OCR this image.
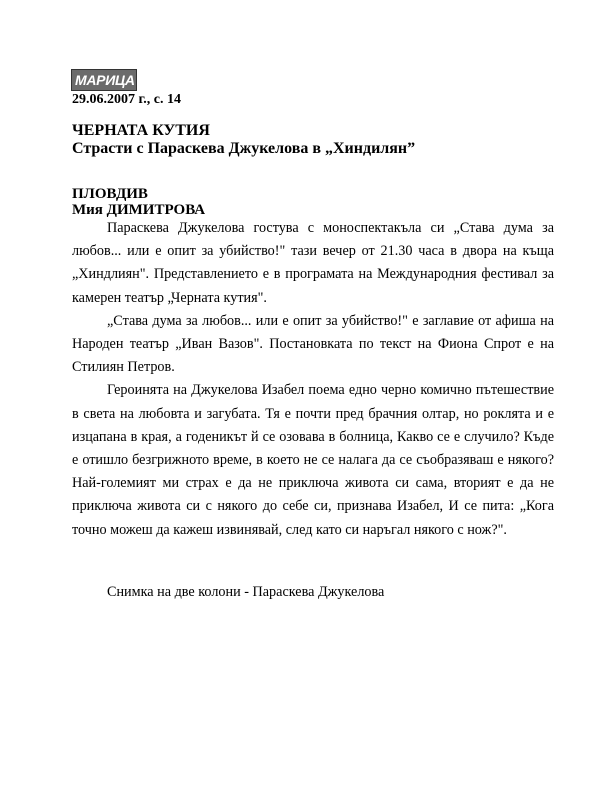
МАРИЦА
29.06.2007 г., с. 14
ЧЕРНАТА КУТИЯ
Страсти с Параскева Джукелова в „Хиндилян”
ПЛОВДИВ
Мия ДИМИТРОВА

Параскева Джукелова гостува с моноспектакъла си „Става дума за любов... или е опит за убийство!" тази вечер от 21.30 часа в двора на къща „Хиндлиян". Представлението е в програмата на Международния фестивал за камерен театър „Черната кутия".

„Става дума за любов... или е опит за убийство!" е заглавие от афиша на Народен театър „Иван Вазов". Постановката по текст на Фиона Спрот е на Стилиян Петров.

Героинята на Джукелова Изабел поема едно черно комично пътешествие в света на любовта и загубата. Тя е почти пред брачния олтар, но роклята и е изцапана в края, а годеникът й се озовава в болница, Какво се е случило? Къде е отишло безгрижното време, в което не се налага да се съобразяваш е някого? Най-големият ми страх е да не приключа живота си сама, вторият е да не приключа живота си с някого до себе си, признава Изабел, И се пита: „Кога точно можеш да кажеш извинявай, след като си наръгал някого с нож?".

Снимка на две колони - Параскева Джукелова
